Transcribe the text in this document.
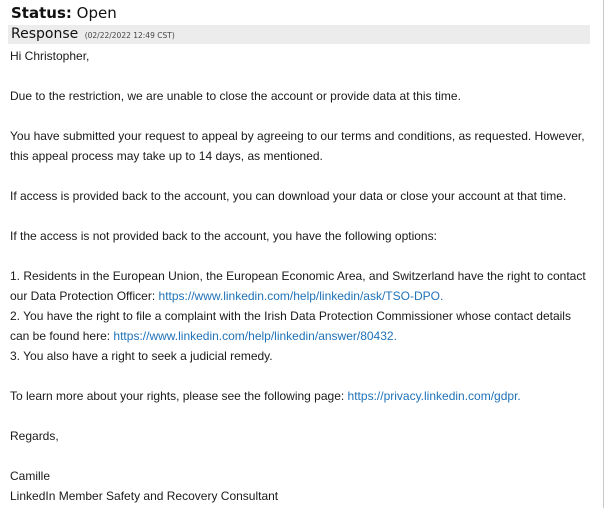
Status: Open
Response (02/22/2022 12:49 CST)

Hi Christopher,

Due to the restriction, we are unable to close the account or provide data at this time.

You have submitted your request to appeal by agreeing to our terms and conditions, as requested. However, this appeal process may take up to 14 days, as mentioned.

If access is provided back to the account, you can download your data or close your account at that time.

If the access is not provided back to the account, you have the following options:

1. Residents in the European Union, the European Economic Area, and Switzerland have the right to contact our Data Protection Officer: https://www.linkedin.com/help/linkedin/ask/TSO-DPO.

2. You have the right to file a complaint with the Irish Data Protection Commissioner whose contact details can be found here: https://www.linkedin.com/help/linkedin/answer/80432.

3. You also have a right to seek a judicial remedy.

To learn more about your rights, please see the following page: https://privacy.linkedin.com/gdpr.

Regards,

Camille

LinkedIn Member Safety and Recovery Consultant
